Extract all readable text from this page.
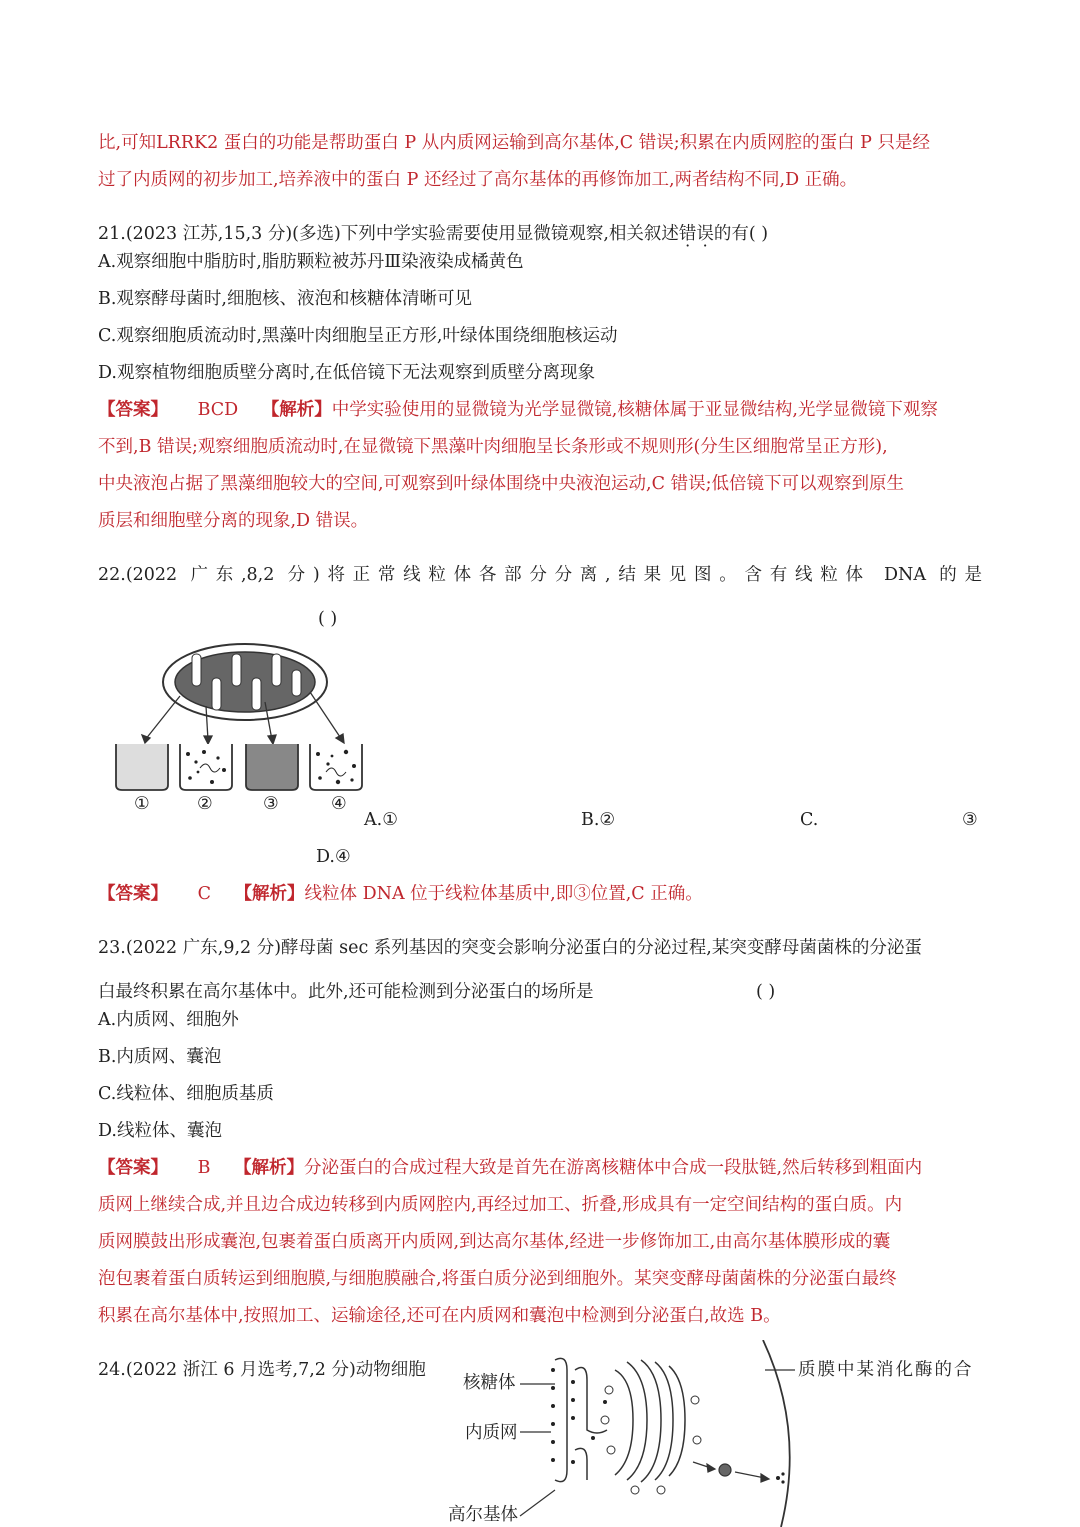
比,可知LRRK2 蛋白的功能是帮助蛋白 P 从内质网运输到高尔基体,C 错误;积累在内质网腔的蛋白 P 只是经
过了内质网的初步加工,培养液中的蛋白 P 还经过了高尔基体的再修饰加工,两者结构不同,D 正确。
21.(2023 江苏,15,3 分)(多选)下列中学实验需要使用显微镜观察,相关叙述错误的有( )
A.观察细胞中脂肪时,脂肪颗粒被苏丹Ⅲ染液染成橘黄色
B.观察酵母菌时,细胞核、液泡和核糖体清晰可见
C.观察细胞质流动时,黑藻叶肉细胞呈正方形,叶绿体围绕细胞核运动
D.观察植物细胞质壁分离时,在低倍镜下无法观察到质壁分离现象
【答案】 BCD 【解析】中学实验使用的显微镜为光学显微镜,核糖体属于亚显微结构,光学显微镜下观察
不到,B 错误;观察细胞质流动时,在显微镜下黑藻叶肉细胞呈长条形或不规则形(分生区细胞常呈正方形),
中央液泡占据了黑藻细胞较大的空间,可观察到叶绿体围绕中央液泡运动,C 错误;低倍镜下可以观察到原生
质层和细胞壁分离的现象,D 错误。
22.(2022 广东,8,2 分)将正常线粒体各部分分离,结果见图。含有线粒体 DNA 的是
( )
①	②	③	④
A.①	B.②	C.	③
D.④
【答案】 C 【解析】线粒体 DNA 位于线粒体基质中,即③位置,C 正确。
23.(2022 广东,9,2 分)酵母菌 sec 系列基因的突变会影响分泌蛋白的分泌过程,某突变酵母菌菌株的分泌蛋
白最终积累在高尔基体中。此外,还可能检测到分泌蛋白的场所是	( )
A.内质网、细胞外
B.内质网、囊泡
C.线粒体、细胞质基质
D.线粒体、囊泡
【答案】 B 【解析】分泌蛋白的合成过程大致是首先在游离核糖体中合成一段肽链,然后转移到粗面内
质网上继续合成,并且边合成边转移到内质网腔内,再经过加工、折叠,形成具有一定空间结构的蛋白质。内
质网膜鼓出形成囊泡,包裹着蛋白质离开内质网,到达高尔基体,经进一步修饰加工,由高尔基体膜形成的囊
泡包裹着蛋白质转运到细胞膜,与细胞膜融合,将蛋白质分泌到细胞外。某突变酵母菌菌株的分泌蛋白最终
积累在高尔基体中,按照加工、运输途径,还可在内质网和囊泡中检测到分泌蛋白,故选 B。
24.(2022 浙江 6 月选考,7,2 分)动物细胞	质膜中某消化酶的合
核糖体
内质网
高尔基体
